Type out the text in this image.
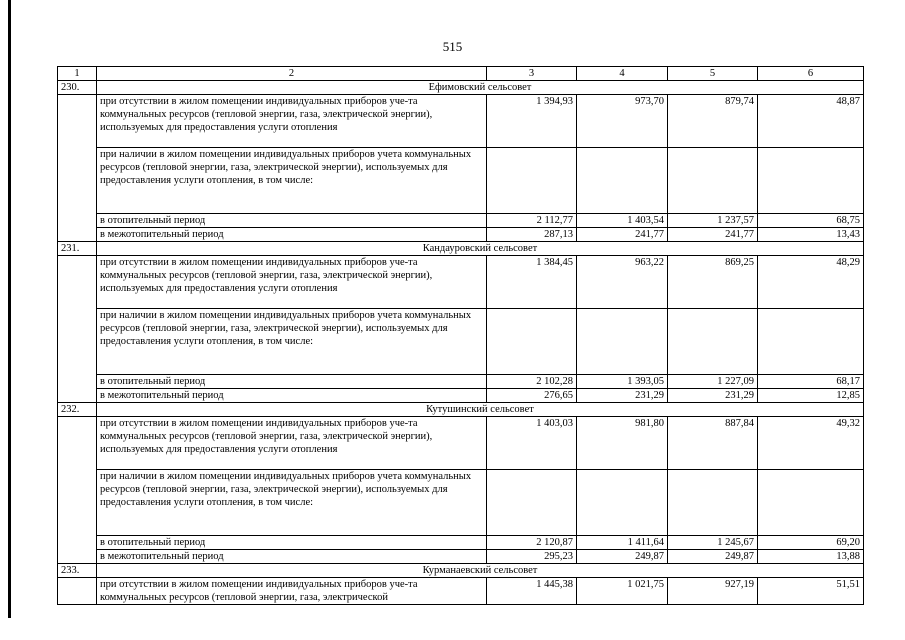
515
1	2	3	4	5	6
230.	Ефимовский сельсовет				
	при отсутствии в жилом помещении индивидуальных приборов уче-та коммунальных ресурсов (тепловой энергии, газа, электрической энергии), используемых для предоставления услуги отопления	1 394,93	973,70	879,74	48,87
	при наличии в жилом помещении индивидуальных приборов учета коммунальных ресурсов (тепловой энергии, газа, электрической энергии), используемых для предоставления услуги отопления, в том числе:				
	в отопительный период	2 112,77	1 403,54	1 237,57	68,75
	в межотопительный период	287,13	241,77	241,77	13,43
231.	Кандауровский сельсовет				
	при отсутствии в жилом помещении индивидуальных приборов уче-та коммунальных ресурсов (тепловой энергии, газа, электрической энергии), используемых для предоставления услуги отопления	1 384,45	963,22	869,25	48,29
	при наличии в жилом помещении индивидуальных приборов учета коммунальных ресурсов (тепловой энергии, газа, электрической энергии), используемых для предоставления услуги отопления, в том числе:				
	в отопительный период	2 102,28	1 393,05	1 227,09	68,17
	в межотопительный период	276,65	231,29	231,29	12,85
232.	Кутушинский сельсовет				
	при отсутствии в жилом помещении индивидуальных приборов уче-та коммунальных ресурсов (тепловой энергии, газа, электрической энергии), используемых для предоставления услуги отопления	1 403,03	981,80	887,84	49,32
	при наличии в жилом помещении индивидуальных приборов учета коммунальных ресурсов (тепловой энергии, газа, электрической энергии), используемых для предоставления услуги отопления, в том числе:				
	в отопительный период	2 120,87	1 411,64	1 245,67	69,20
	в межотопительный период	295,23	249,87	249,87	13,88
233.	Курманаевский сельсовет				
	при отсутствии в жилом помещении индивидуальных приборов уче-та коммунальных ресурсов (тепловой энергии, газа, электрической	1 445,38	1 021,75	927,19	51,51
